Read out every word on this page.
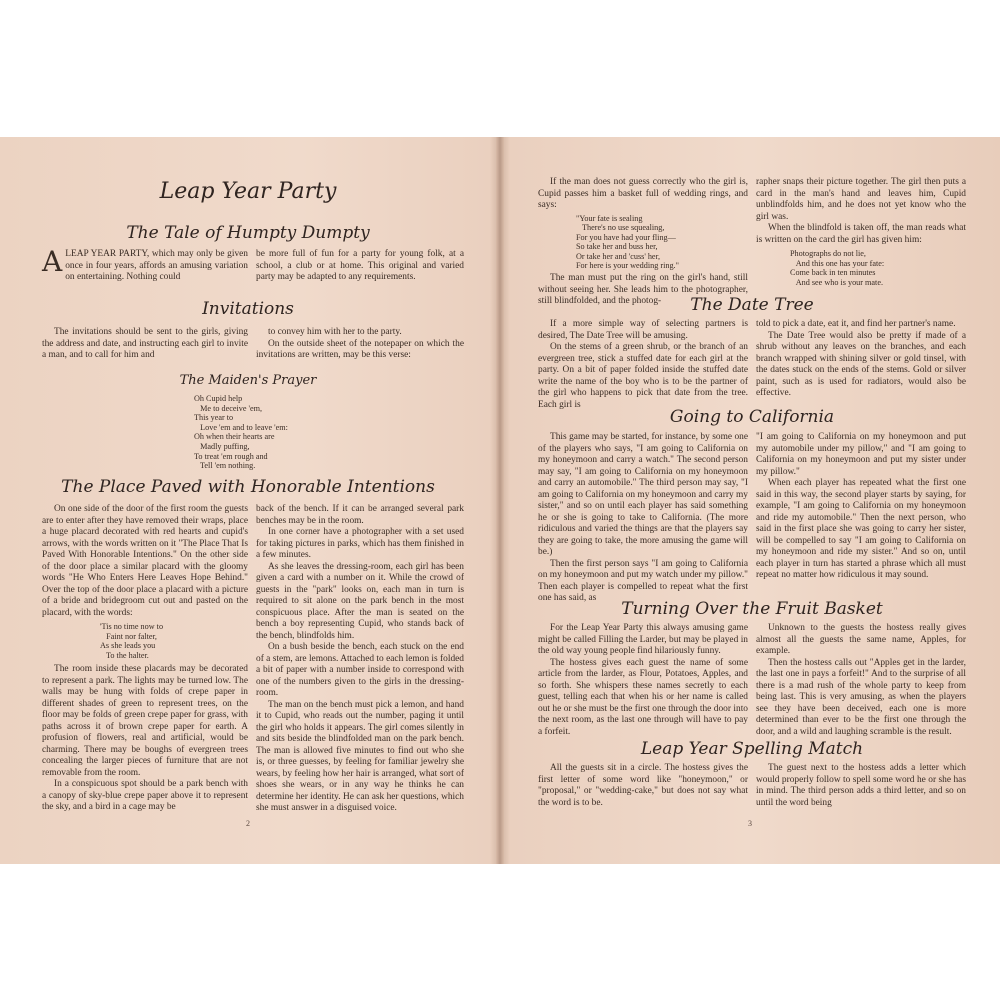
Leap Year Party
The Tale of Humpty Dumpty
A LEAP YEAR PARTY, which may only be given once in four years, affords an amusing variation on entertaining. Nothing could

be more full of fun for a party for young folk, at a school, a club or at home. This original and varied party may be adapted to any requirements.

Invitations

The invitations should be sent to the girls, giving the address and date, and instructing each girl to invite a man, and to call for him and

to convey him with her to the party.

On the outside sheet of the notepaper on which the invitations are written, may be this verse:

The Maiden's Prayer
Oh Cupid help
Me to deceive 'em,
This year to
Love 'em and to leave 'em:
Oh when their hearts are
Madly puffing,
To treat 'em rough and
Tell 'em nothing.
The Place Paved with Honorable Intentions

On one side of the door of the first room the guests are to enter after they have removed their wraps, place a huge placard decorated with red hearts and cupid's arrows, with the words written on it "The Place That Is Paved With Honorable Intentions." On the other side of the door place a similar placard with the gloomy words "He Who Enters Here Leaves Hope Behind." Over the top of the door place a placard with a picture of a bride and bridegroom cut out and pasted on the placard, with the words:

'Tis no time now to
Faint nor falter,
As she leads you
To the halter.

The room inside these placards may be decorated to represent a park. The lights may be turned low. The walls may be hung with folds of crepe paper in different shades of green to represent trees, on the floor may be folds of green crepe paper for grass, with paths across it of brown crepe paper for earth. A profusion of flowers, real and artificial, would be charming. There may be boughs of evergreen trees concealing the larger pieces of furniture that are not removable from the room.

In a conspicuous spot should be a park bench with a canopy of sky-blue crepe paper above it to represent the sky, and a bird in a cage may be

back of the bench. If it can be arranged several park benches may be in the room.

In one corner have a photographer with a set used for taking pictures in parks, which has them finished in a few minutes.

As she leaves the dressing-room, each girl has been given a card with a number on it. While the crowd of guests in the "park" looks on, each man in turn is required to sit alone on the park bench in the most conspicuous place. After the man is seated on the bench a boy representing Cupid, who stands back of the bench, blindfolds him.

On a bush beside the bench, each stuck on the end of a stem, are lemons. Attached to each lemon is folded a bit of paper with a number inside to correspond with one of the numbers given to the girls in the dressing-room.

The man on the bench must pick a lemon, and hand it to Cupid, who reads out the number, paging it until the girl who holds it appears. The girl comes silently in and sits beside the blindfolded man on the park bench. The man is allowed five minutes to find out who she is, or three guesses, by feeling for familiar jewelry she wears, by feeling how her hair is arranged, what sort of shoes she wears, or in any way he thinks he can determine her identity. He can ask her questions, which she must answer in a disguised voice.

2

If the man does not guess correctly who the girl is, Cupid passes him a basket full of wedding rings, and says:

"Your fate is sealing
There's no use squealing,
For you have had your fling—
So take her and buss her,
Or take her and 'cuss' her,
For here is your wedding ring."

The man must put the ring on the girl's hand, still without seeing her. She leads him to the photographer, still blindfolded, and the photog-

rapher snaps their picture together. The girl then puts a card in the man's hand and leaves him, Cupid unblindfolds him, and he does not yet know who the girl was.

When the blindfold is taken off, the man reads what is written on the card the girl has given him:

Photographs do not lie,
And this one has your fate:
Come back in ten minutes
And see who is your mate.
The Date Tree

If a more simple way of selecting partners is desired, The Date Tree will be amusing.

On the stems of a green shrub, or the branch of an evergreen tree, stick a stuffed date for each girl at the party. On a bit of paper folded inside the stuffed date write the name of the boy who is to be the partner of the girl who happens to pick that date from the tree. Each girl is

told to pick a date, eat it, and find her partner's name.

The Date Tree would also be pretty if made of a shrub without any leaves on the branches, and each branch wrapped with shining silver or gold tinsel, with the dates stuck on the ends of the stems. Gold or silver paint, such as is used for radiators, would also be effective.

Going to California

This game may be started, for instance, by some one of the players who says, "I am going to California on my honeymoon and carry a watch." The second person may say, "I am going to California on my honeymoon and carry an automobile." The third person may say, "I am going to California on my honeymoon and carry my sister," and so on until each player has said something he or she is going to take to California. (The more ridiculous and varied the things are that the players say they are going to take, the more amusing the game will be.)

Then the first person says "I am going to California on my honeymoon and put my watch under my pillow." Then each player is compelled to repeat what the first one has said, as

"I am going to California on my honeymoon and put my automobile under my pillow," and "I am going to California on my honeymoon and put my sister under my pillow."

When each player has repeated what the first one said in this way, the second player starts by saying, for example, "I am going to California on my honeymoon and ride my automobile." Then the next person, who said in the first place she was going to carry her sister, will be compelled to say "I am going to California on my honeymoon and ride my sister." And so on, until each player in turn has started a phrase which all must repeat no matter how ridiculous it may sound.

Turning Over the Fruit Basket

For the Leap Year Party this always amusing game might be called Filling the Larder, but may be played in the old way young people find hilariously funny.

The hostess gives each guest the name of some article from the larder, as Flour, Potatoes, Apples, and so forth. She whispers these names secretly to each guest, telling each that when his or her name is called out he or she must be the first one through the door into the next room, as the last one through will have to pay a forfeit.

Unknown to the guests the hostess really gives almost all the guests the same name, Apples, for example.

Then the hostess calls out "Apples get in the larder, the last one in pays a forfeit!" And to the surprise of all there is a mad rush of the whole party to keep from being last. This is very amusing, as when the players see they have been deceived, each one is more determined than ever to be the first one through the door, and a wild and laughing scramble is the result.

Leap Year Spelling Match

All the guests sit in a circle. The hostess gives the first letter of some word like "honeymoon," or "proposal," or "wedding-cake," but does not say what the word is to be.

The guest next to the hostess adds a letter which would properly follow to spell some word he or she has in mind. The third person adds a third letter, and so on until the word being

3
